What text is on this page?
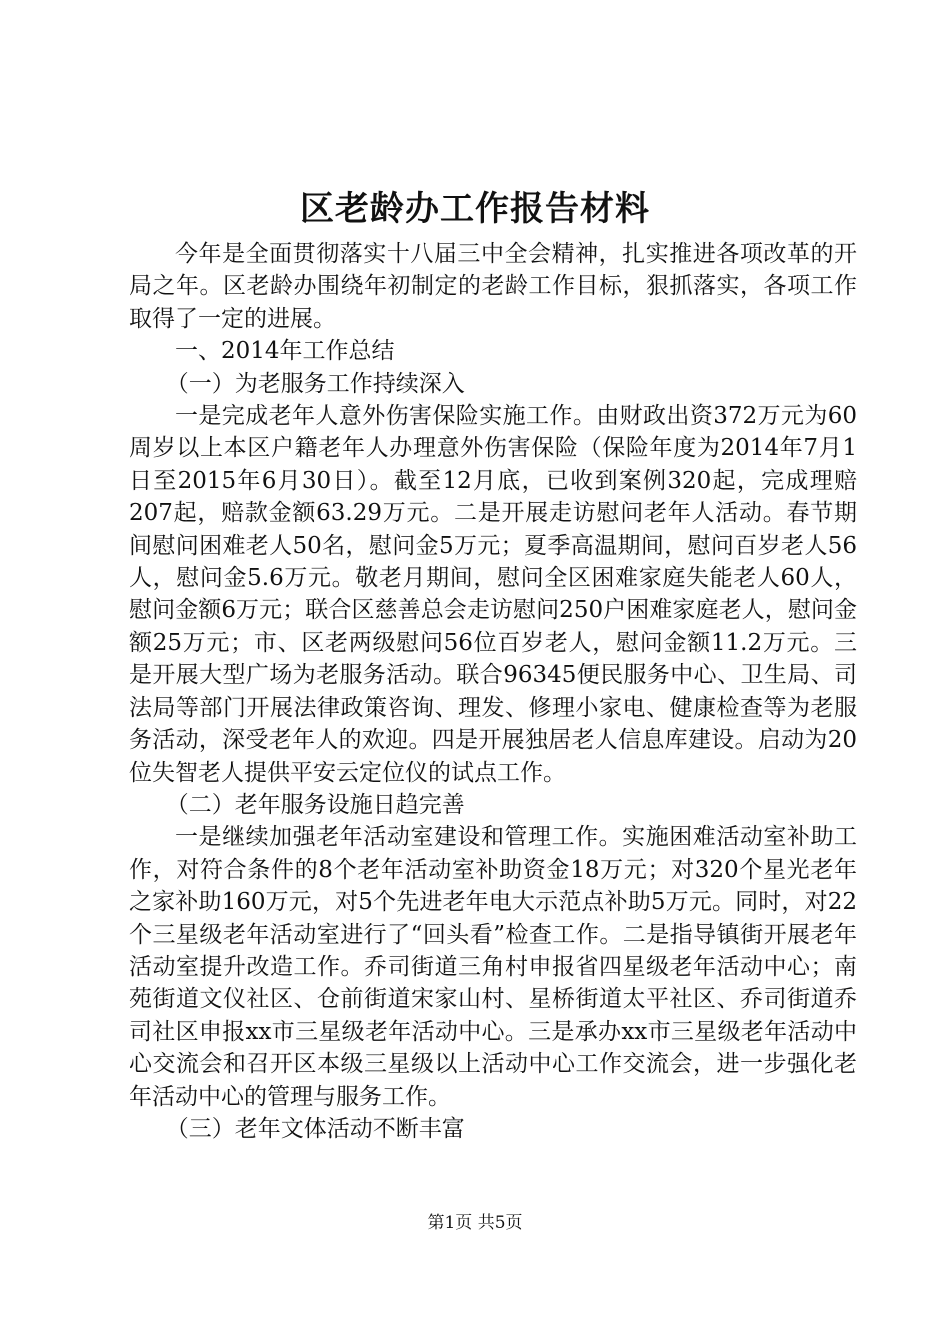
区老龄办工作报告材料

今年是全面贯彻落实十八届三中全会精神，扎实推进各项改革的开局之年。区老龄办围绕年初制定的老龄工作目标，狠抓落实，各项工作取得了一定的进展。

一、2014年工作总结

（一）为老服务工作持续深入

一是完成老年人意外伤害保险实施工作。由财政出资372万元为60周岁以上本区户籍老年人办理意外伤害保险（保险年度为2014年7月1日至2015年6月30日）。截至12月底，已收到案例320起，完成理赔207起，赔款金额63.29万元。二是开展走访慰问老年人活动。春节期间慰问困难老人50名，慰问金5万元；夏季高温期间，慰问百岁老人56人，慰问金5.6万元。敬老月期间，慰问全区困难家庭失能老人60人，慰问金额6万元；联合区慈善总会走访慰问250户困难家庭老人，慰问金额25万元；市、区老两级慰问56位百岁老人，慰问金额11.2万元。三是开展大型广场为老服务活动。联合96345便民服务中心、卫生局、司法局等部门开展法律政策咨询、理发、修理小家电、健康检查等为老服务活动，深受老年人的欢迎。四是开展独居老人信息库建设。启动为20位失智老人提供平安云定位仪的试点工作。

（二）老年服务设施日趋完善

一是继续加强老年活动室建设和管理工作。实施困难活动室补助工作，对符合条件的8个老年活动室补助资金18万元；对320个星光老年之家补助160万元，对5个先进老年电大示范点补助5万元。同时，对22个三星级老年活动室进行了“回头看”检查工作。二是指导镇街开展老年活动室提升改造工作。乔司街道三角村申报省四星级老年活动中心；南苑街道文仪社区、仓前街道宋家山村、星桥街道太平社区、乔司街道乔司社区申报xx市三星级老年活动中心。三是承办xx市三星级老年活动中心交流会和召开区本级三星级以上活动中心工作交流会，进一步强化老年活动中心的管理与服务工作。

（三）老年文体活动不断丰富

第1页 共5页
